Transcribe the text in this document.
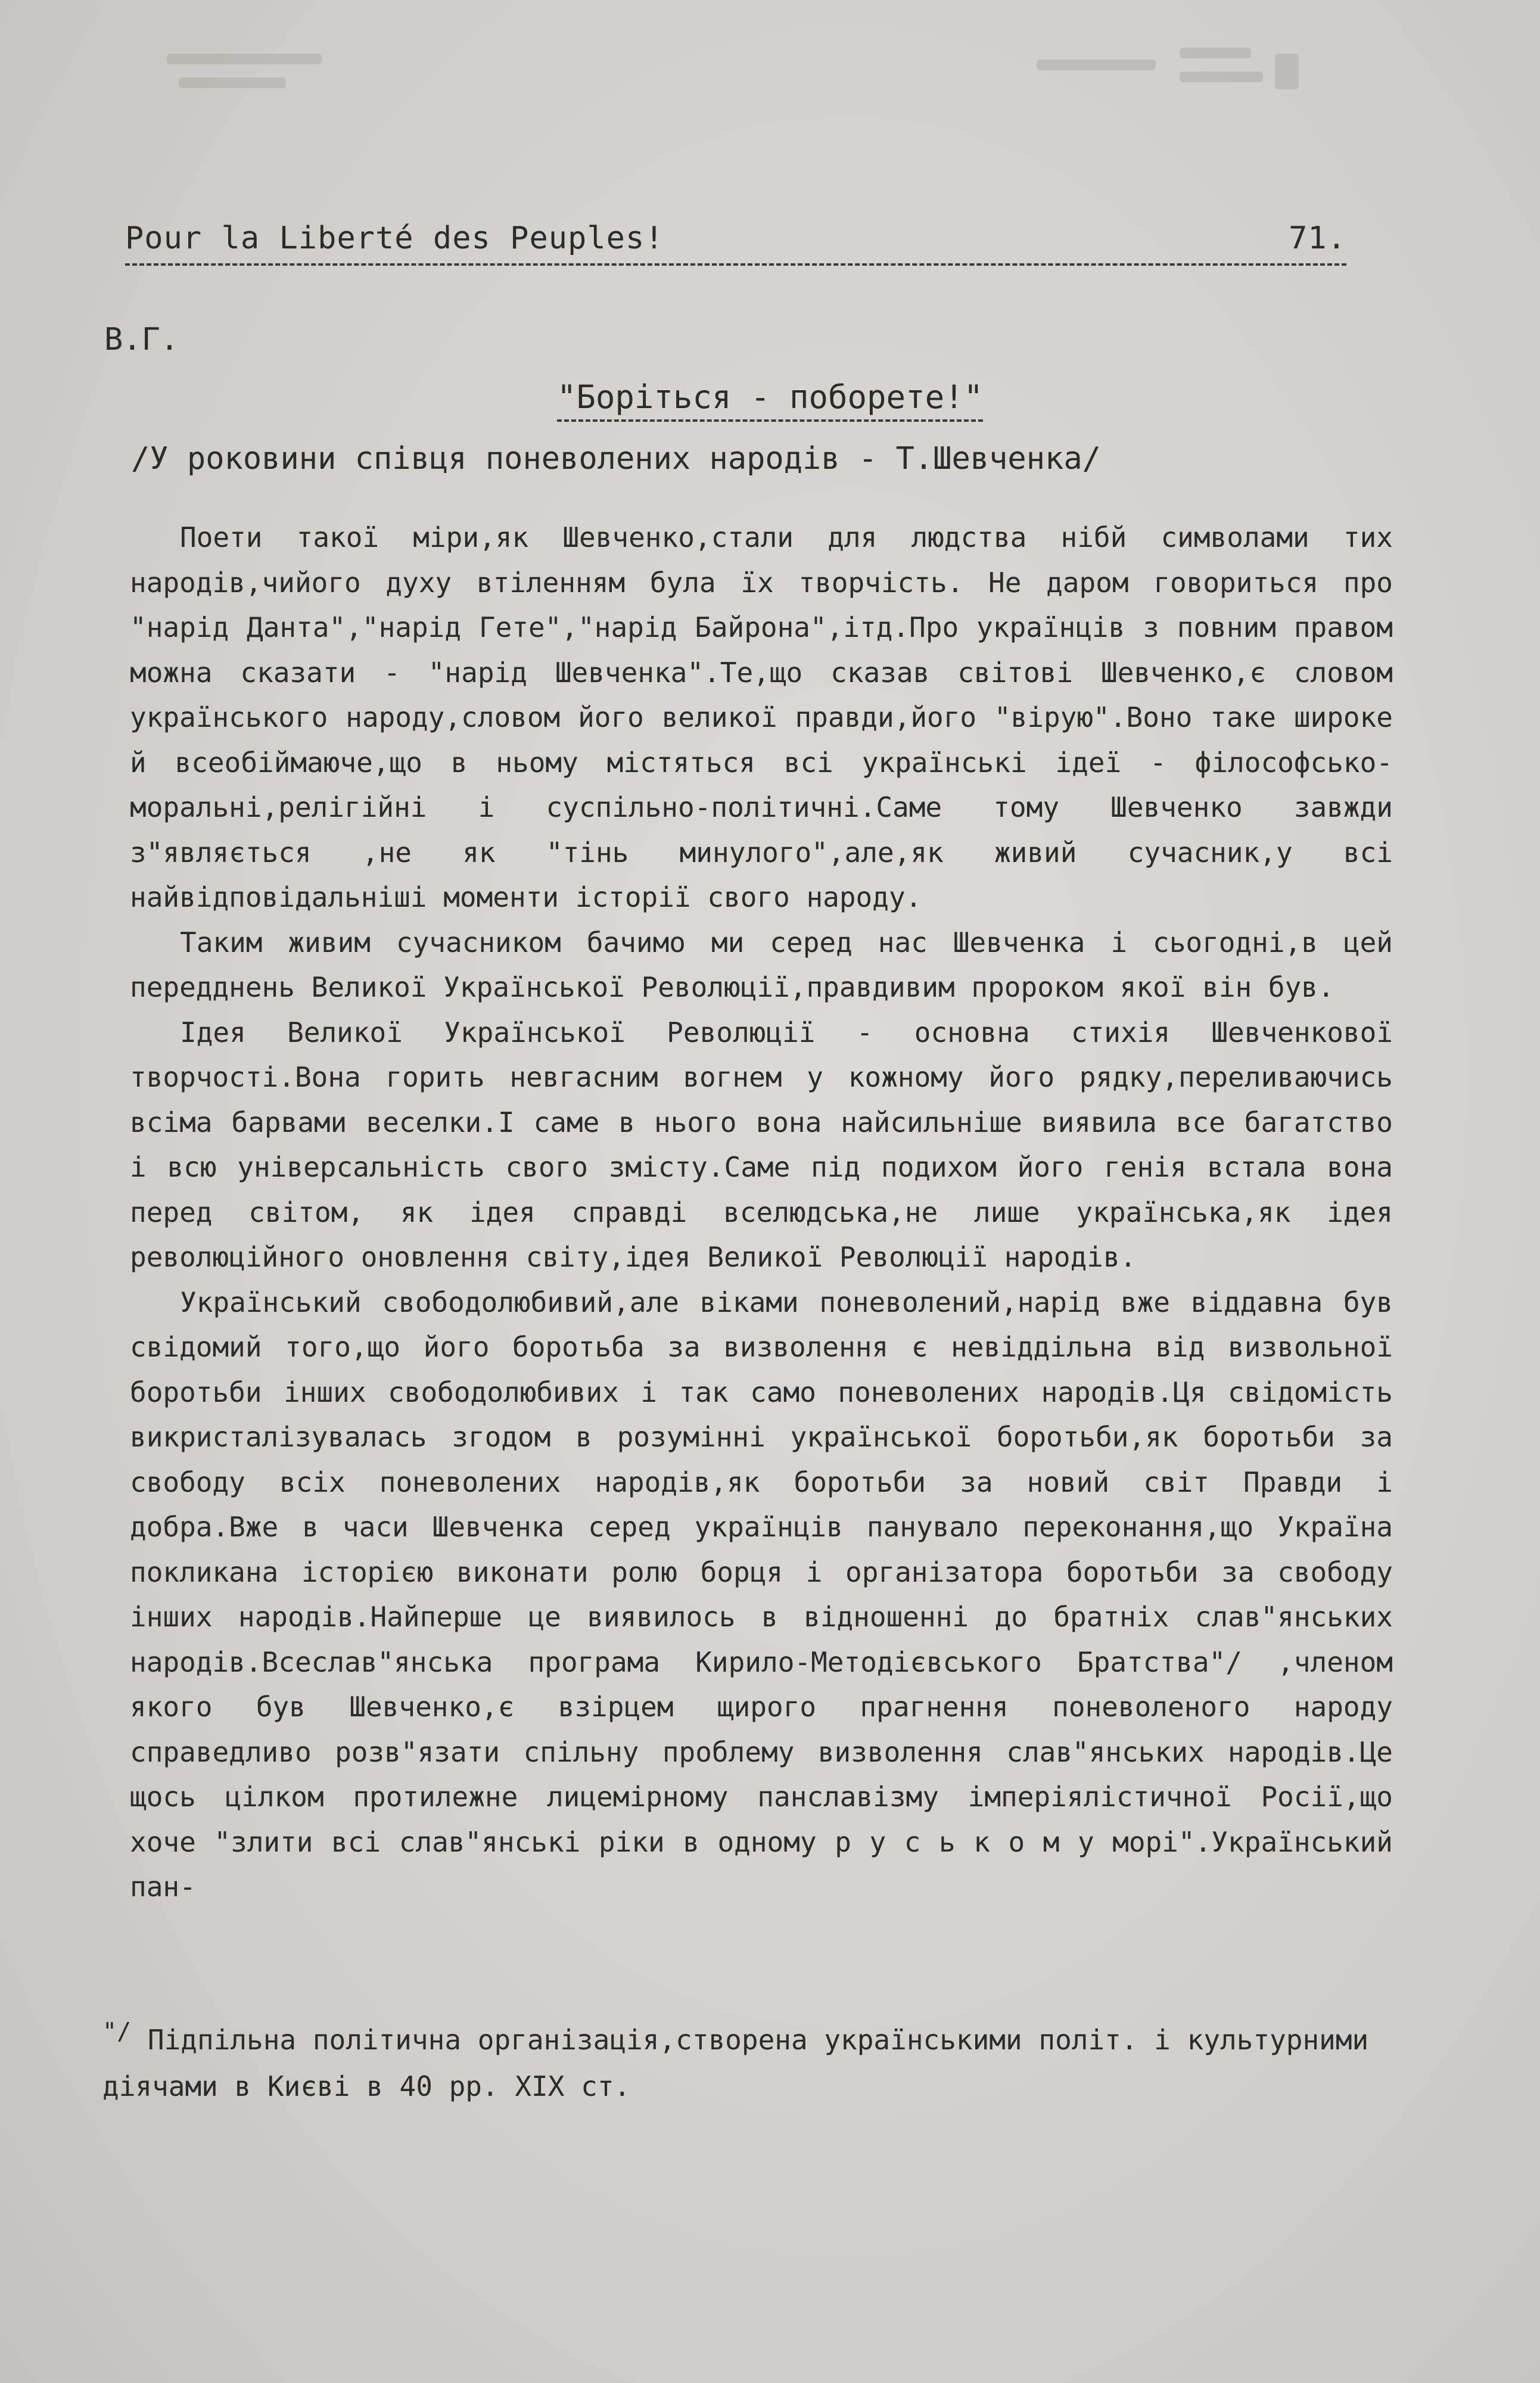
Pour la Liberté des Peuples!	71.
В.Г.
"Боріться - поборете!"
/У роковини співця поневолених народів - Т.Шевченка/

Поети такої міри,як Шевченко,стали для людства нібй символами тих народів,чийого духу втіленням була їх творчість. Не даром говориться про "нарід Данта","нарід Гете","нарід Байрона",ітд.Про українців з повним правом можна сказати - "нарід Шевченка".Те,що сказав світові Шевченко,є словом українського народу,словом його великої правди,його "вірую".Воно таке широке й всеобіймаюче,що в ньому містяться всі українські ідеї - філософсько-моральні,релігійні і суспільно-політичні.Саме тому Шевченко завжди з"являється ,не як "тінь минулого",але,як живий сучасник,у всі найвідповідальніші моменти історії свого народу.

Таким живим сучасником бачимо ми серед нас Шевченка і сьогодні,в цей передднень Великої Української Революції,правдивим пророком якої він був.

Ідея Великої Української Революції - основна стихія Шевченкової творчості.Вона горить невгасним вогнем у кожному його рядку,переливаючись всіма барвами веселки.І саме в нього вона найсильніше виявила все багатство і всю універсальність свого змісту.Саме під подихом його генія встала вона перед світом, як ідея справді вселюдська,не лише українська,як ідея революційного оновлення світу,ідея Великої Революції народів.

Український свободолюбивий,але віками поневолений,нарід вже віддавна був свідомий того,що його боротьба за визволення є невіддільна від визвольної боротьби інших свободолюбивих і так само поневолених народів.Ця свідомість викристалізувалась згодом в розумінні української боротьби,як боротьби за свободу всіх поневолених народів,як боротьби за новий світ Правди і добра.Вже в часи Шевченка серед українців панувало переконання,що Україна покликана історією виконати ролю борця і організатора боротьби за свободу інших народів.Найперше це виявилось в відношенні до братніх слав"янських народів.Всеслав"янська програма Кирило-Методієвського Братства"/ ,членом якого був Шевченко,є взірцем щирого прагнення поневоленого народу справедливо розв"язати спільну проблему визволення слав"янських народів.Це щось цілком протилежне лицемірному панславізму імперіялістичної Росії,що хоче "злити всі слав"янські ріки в одному р у с ь к о м у морі".Український пан-

"/ Підпільна політична організація,створена українськими політ. і культурними діячами в Києві в 40 рр. ХІХ ст.
